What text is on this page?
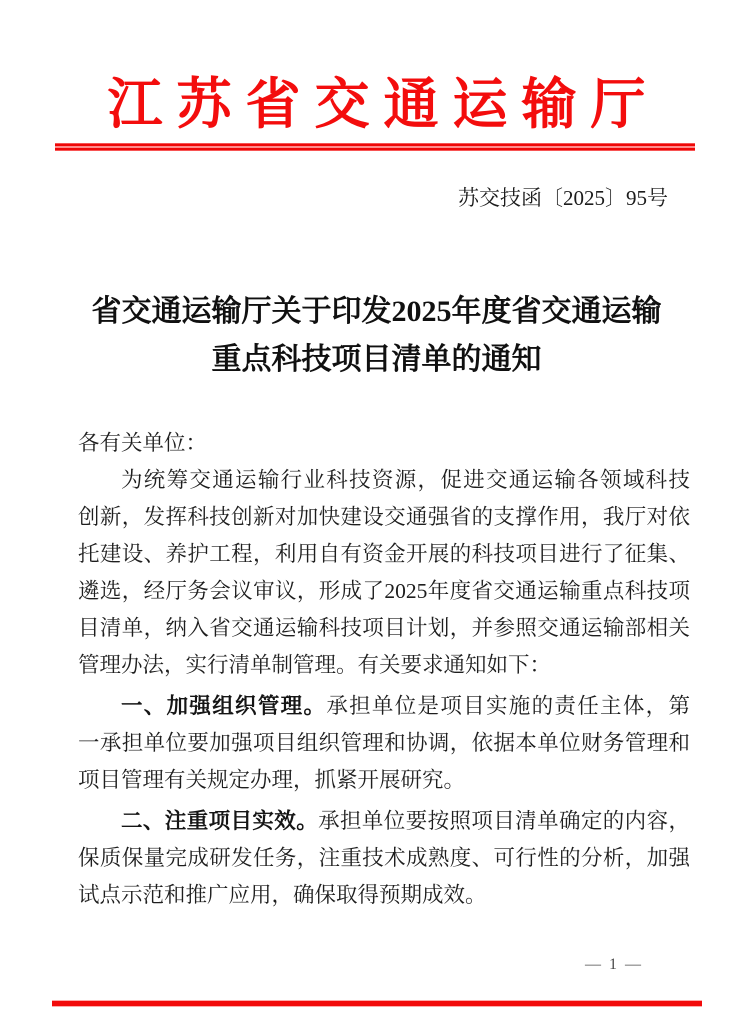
江苏省交通运输厅
苏交技函〔2025〕95号
省交通运输厅关于印发2025年度省交通运输
重点科技项目清单的通知
各有关单位：
为统筹交通运输行业科技资源，促进交通运输各领域科技
创新，发挥科技创新对加快建设交通强省的支撑作用，我厅对依
托建设、养护工程，利用自有资金开展的科技项目进行了征集、
遴选，经厅务会议审议，形成了2025年度省交通运输重点科技项
目清单，纳入省交通运输科技项目计划，并参照交通运输部相关
管理办法，实行清单制管理。有关要求通知如下：
一、加强组织管理。承担单位是项目实施的责任主体，第
一承担单位要加强项目组织管理和协调，依据本单位财务管理和
项目管理有关规定办理，抓紧开展研究。
二、注重项目实效。承担单位要按照项目清单确定的内容，
保质保量完成研发任务，注重技术成熟度、可行性的分析，加强
试点示范和推广应用，确保取得预期成效。
— 1 —
